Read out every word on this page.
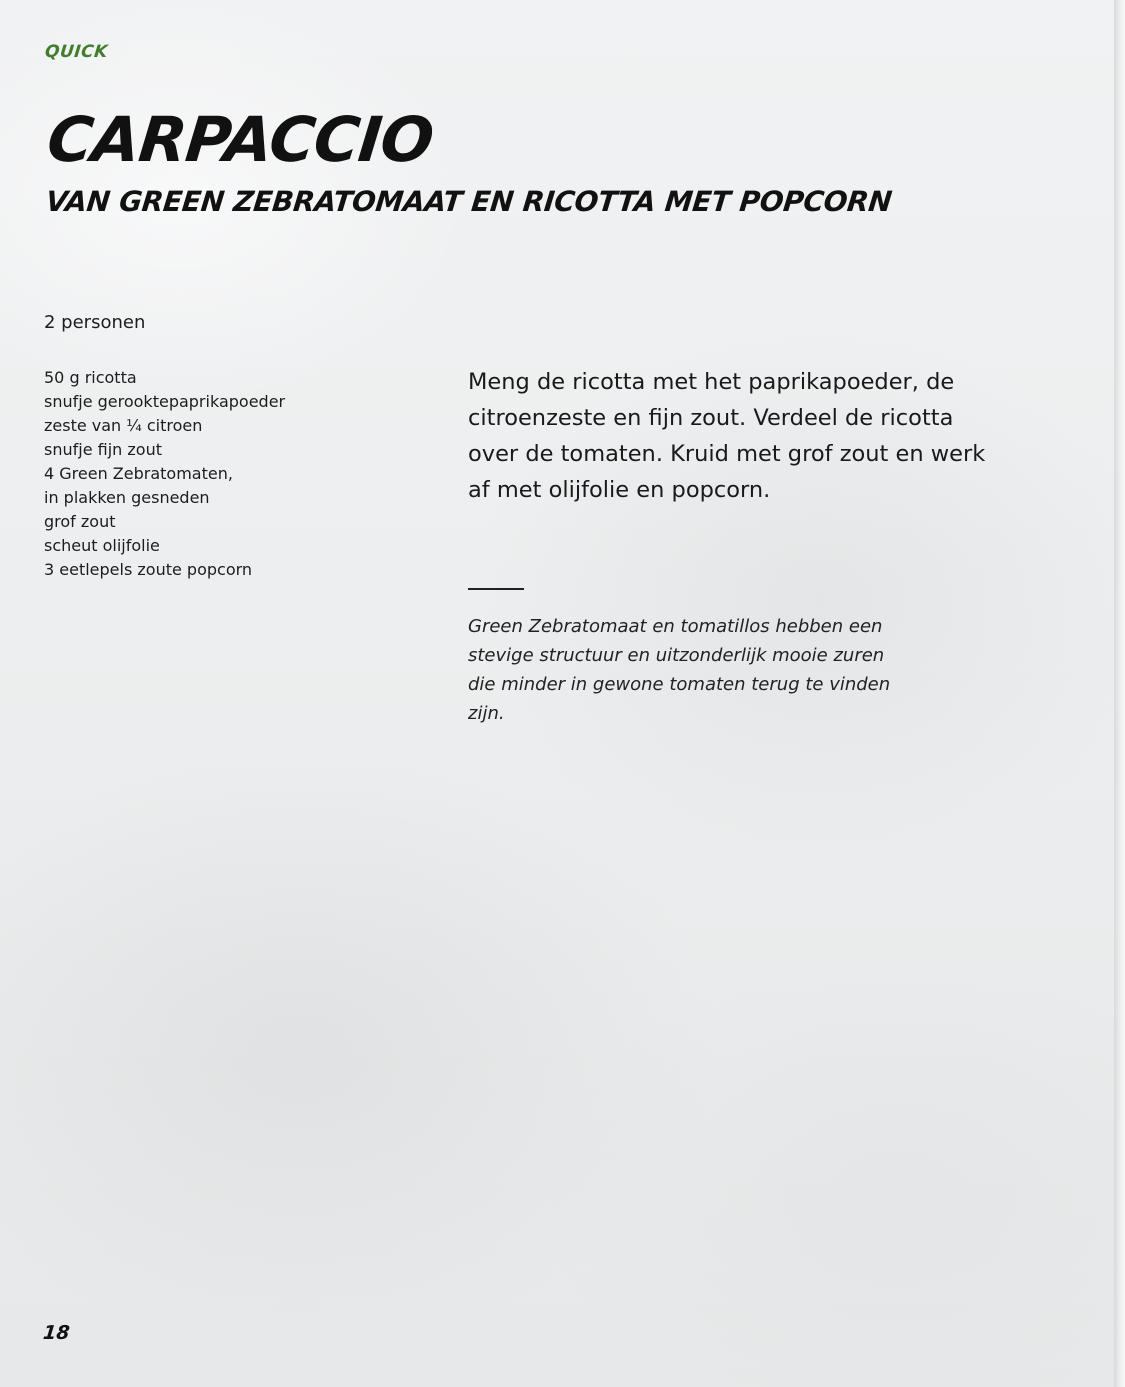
QUICK

CARPACCIO
VAN GREEN ZEBRATOMAAT EN RICOTTA MET POPCORN

2 personen

50 g ricotta
snufje gerooktepaprikapoeder
zeste van ¼ citroen
snufje fijn zout
4 Green Zebratomaten,
in plakken gesneden
grof zout
scheut olijfolie
3 eetlepels zoute popcorn

Meng de ricotta met het paprikapoeder, de citroenzeste en fijn zout. Verdeel de ricotta over de tomaten. Kruid met grof zout en werk af met olijfolie en popcorn.

Green Zebratomaat en tomatillos hebben een stevige structuur en uitzonderlijk mooie zuren die minder in gewone tomaten terug te vinden zijn.

18
